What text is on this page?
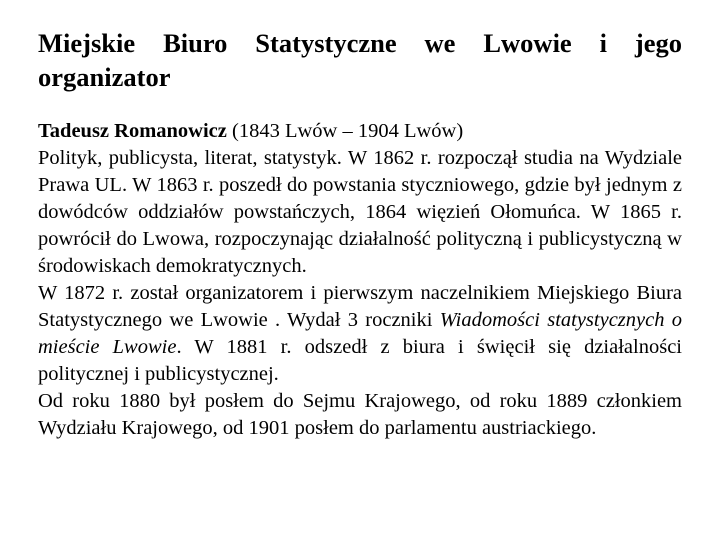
Miejskie Biuro Statystyczne we Lwowie i jego organizator

Tadeusz Romanowicz (1843 Lwów – 1904 Lwów)

Polityk, publicysta, literat, statystyk. W 1862 r. rozpoczął studia na Wydziale Prawa UL. W 1863 r. poszedł do powstania styczniowego, gdzie był jednym z dowódców oddziałów powstańczych, 1864 więzień Ołomuńca. W 1865 r. powrócił do Lwowa, rozpoczynając działalność polityczną i publicystyczną w środowiskach demokratycznych.

W 1872 r. został organizatorem i pierwszym naczelnikiem Miejskiego Biura Statystycznego we Lwowie . Wydał 3 roczniki Wiadomości statystycznych o mieście Lwowie. W 1881 r. odszedł z biura i święcił się działalności politycznej i publicystycznej.

Od roku 1880 był posłem do Sejmu Krajowego, od roku 1889 członkiem Wydziału Krajowego, od 1901 posłem do parlamentu austriackiego.
